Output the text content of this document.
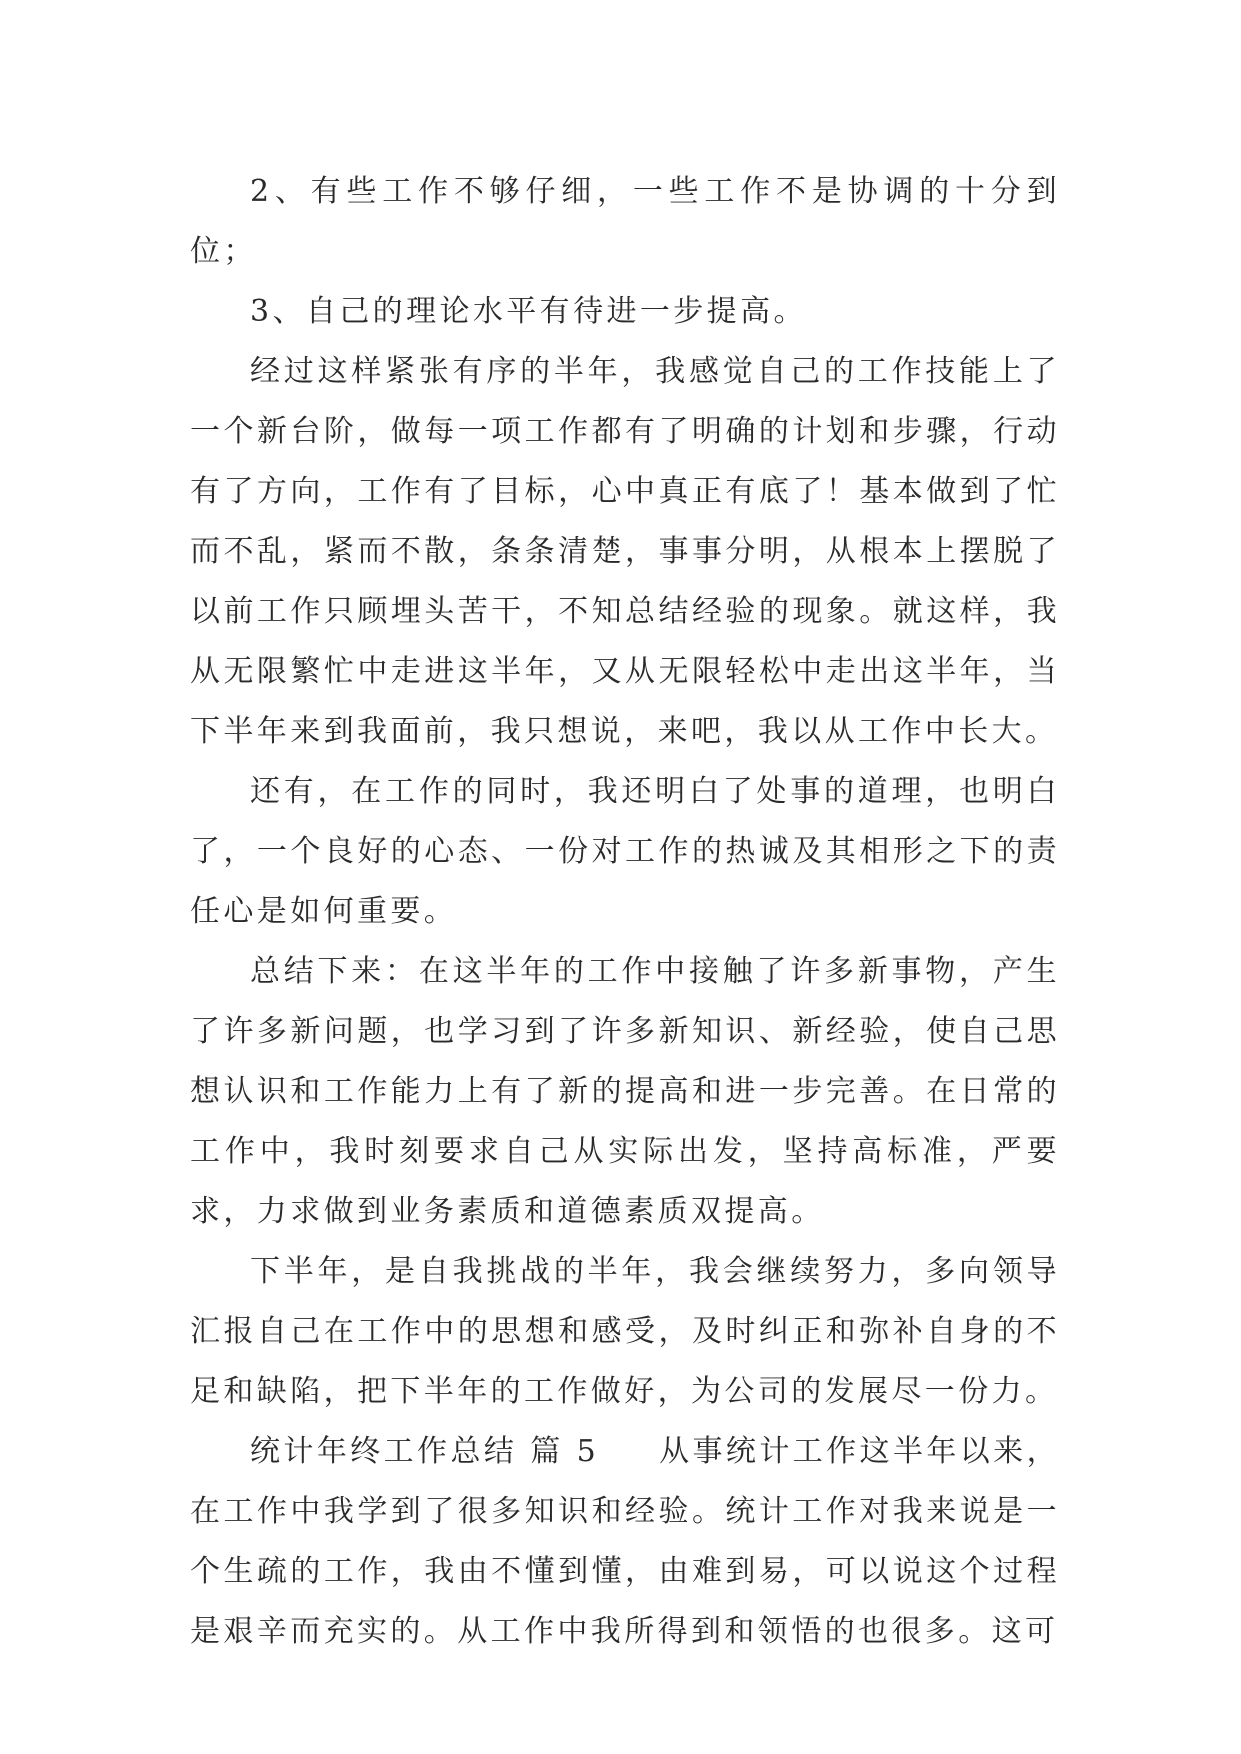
2、有些工作不够仔细，一些工作不是协调的十分到位；

3、自己的理论水平有待进一步提高。

经过这样紧张有序的半年，我感觉自己的工作技能上了一个新台阶，做每一项工作都有了明确的计划和步骤，行动有了方向，工作有了目标，心中真正有底了！基本做到了忙而不乱，紧而不散，条条清楚，事事分明，从根本上摆脱了以前工作只顾埋头苦干，不知总结经验的现象。就这样，我从无限繁忙中走进这半年，又从无限轻松中走出这半年，当下半年来到我面前，我只想说，来吧，我以从工作中长大。

还有，在工作的同时，我还明白了处事的道理，也明白了，一个良好的心态、一份对工作的热诚及其相形之下的责任心是如何重要。

总结下来：在这半年的工作中接触了许多新事物，产生了许多新问题，也学习到了许多新知识、新经验，使自己思想认识和工作能力上有了新的提高和进一步完善。在日常的工作中，我时刻要求自己从实际出发，坚持高标准，严要求，力求做到业务素质和道德素质双提高。

下半年，是自我挑战的半年，我会继续努力，多向领导汇报自己在工作中的思想和感受，及时纠正和弥补自身的不足和缺陷，把下半年的工作做好，为公司的发展尽一份力。

统计年终工作总结 篇 5 从事统计工作这半年以来，在工作中我学到了很多知识和经验。统计工作对我来说是一个生疏的工作，我由不懂到懂，由难到易，可以说这个过程是艰辛而充实的。从工作中我所得到和领悟的也很多。这可
